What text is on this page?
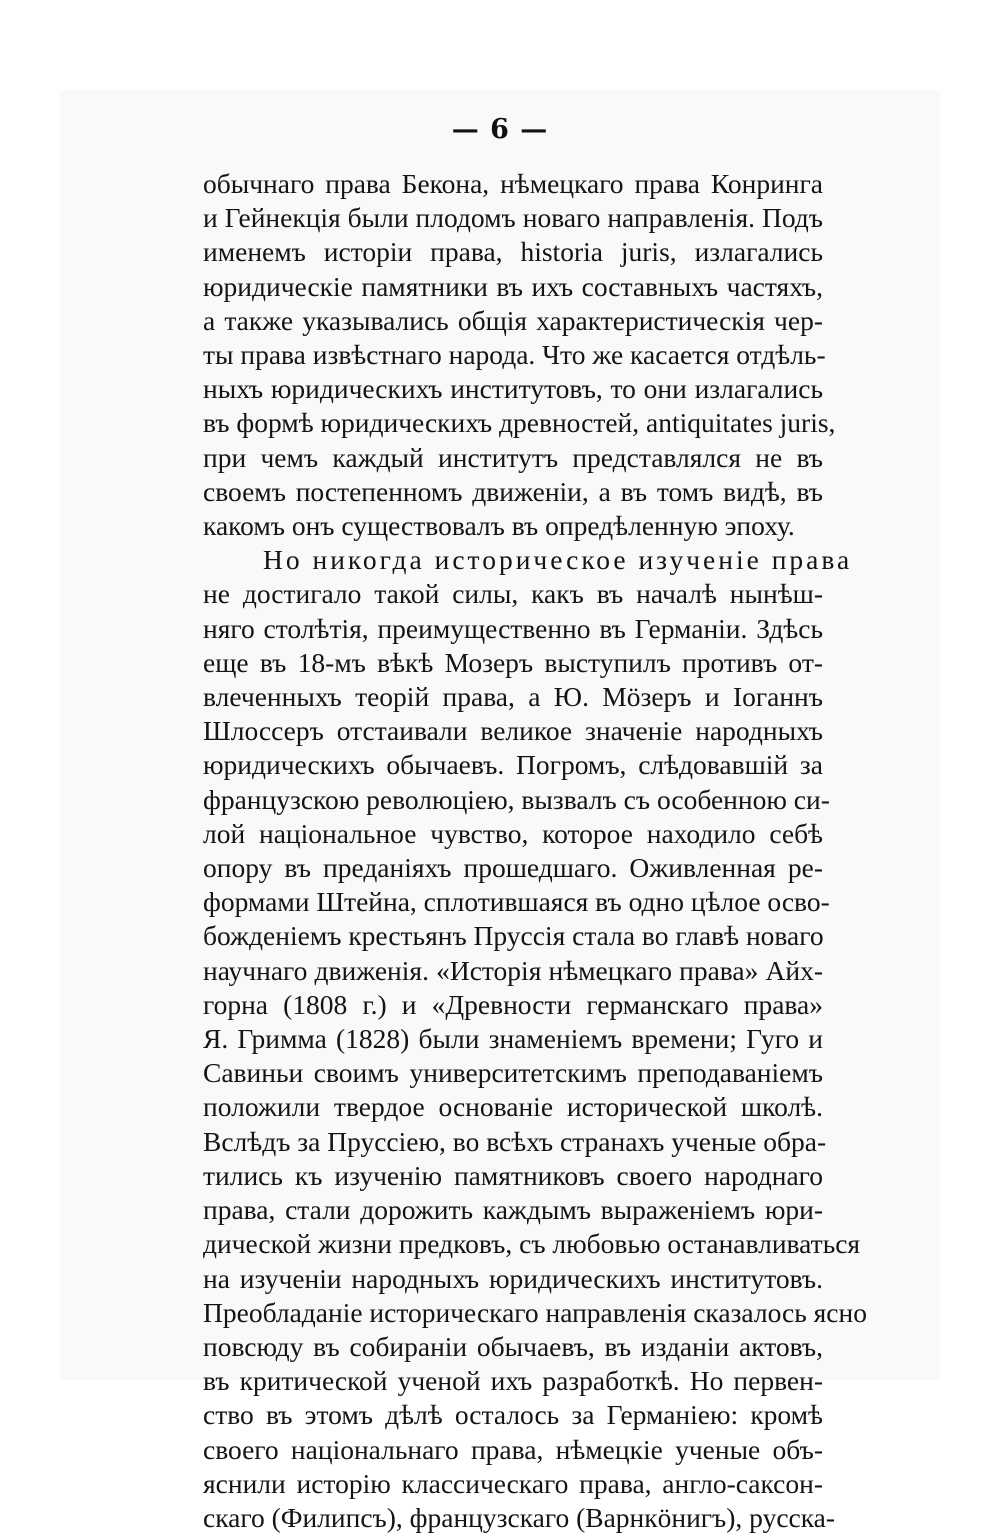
— 6 —
обычнаго права Бекона, нѣмецкаго права Конринга
и Гейнекція были плодомъ новаго направленія. Подъ
именемъ исторіи права, historia juris, излагались
юридическіе памятники въ ихъ составныхъ частяхъ,
а также указывались общія характеристическія чер-
ты права извѣстнаго народа. Что же касается отдѣль-
ныхъ юридическихъ институтовъ, то они излагались
въ формѣ юридическихъ древностей, antiquitates juris,
при чемъ каждый институтъ представлялся не въ
своемъ постепенномъ движеніи, а въ томъ видѣ, въ
какомъ онъ существовалъ въ опредѣленную эпоху.
Но никогда историческое изученіе права
не достигало такой силы, какъ въ началѣ нынѣш-
няго столѣтія, преимущественно въ Германіи. Здѣсь
еще въ 18-мъ вѣкѣ Мозеръ выступилъ противъ от-
влеченныхъ теорій права, а Ю. Мӧзеръ и Іоганнъ
Шлоссеръ отстаивали великое значеніе народныхъ
юридическихъ обычаевъ. Погромъ, слѣдовавшій за
французскою революціею, вызвалъ съ особенною си-
лой національное чувство, которое находило себѣ
опору въ преданіяхъ прошедшаго. Оживленная ре-
формами Штейна, сплотившаяся въ одно цѣлое осво-
божденіемъ крестьянъ Пруссія стала во главѣ новаго
научнаго движенія. «Исторія нѣмецкаго права» Айх-
горна (1808 г.) и «Древности германскаго права»
Я. Гримма (1828) были знаменіемъ времени; Гуго и
Савиньи своимъ университетскимъ преподаваніемъ
положили твердое основаніе исторической школѣ.
Вслѣдъ за Пруссіею, во всѣхъ странахъ ученые обра-
тились къ изученію памятниковъ своего народнаго
права, стали дорожить каждымъ выраженіемъ юри-
дической жизни предковъ, съ любовью останавливаться
на изученіи народныхъ юридическихъ институтовъ.
Преобладаніе историческаго направленія сказалось ясно
повсюду въ собираніи обычаевъ, въ изданіи актовъ,
въ критической ученой ихъ разработкѣ. Но первен-
ство въ этомъ дѣлѣ осталось за Германіею: кромѣ
своего національнаго права, нѣмецкіе ученые объ-
яснили исторію классическаго права, англо-саксон-
скаго (Филипсъ), французскаго (Варнкӧнигъ), русска-
